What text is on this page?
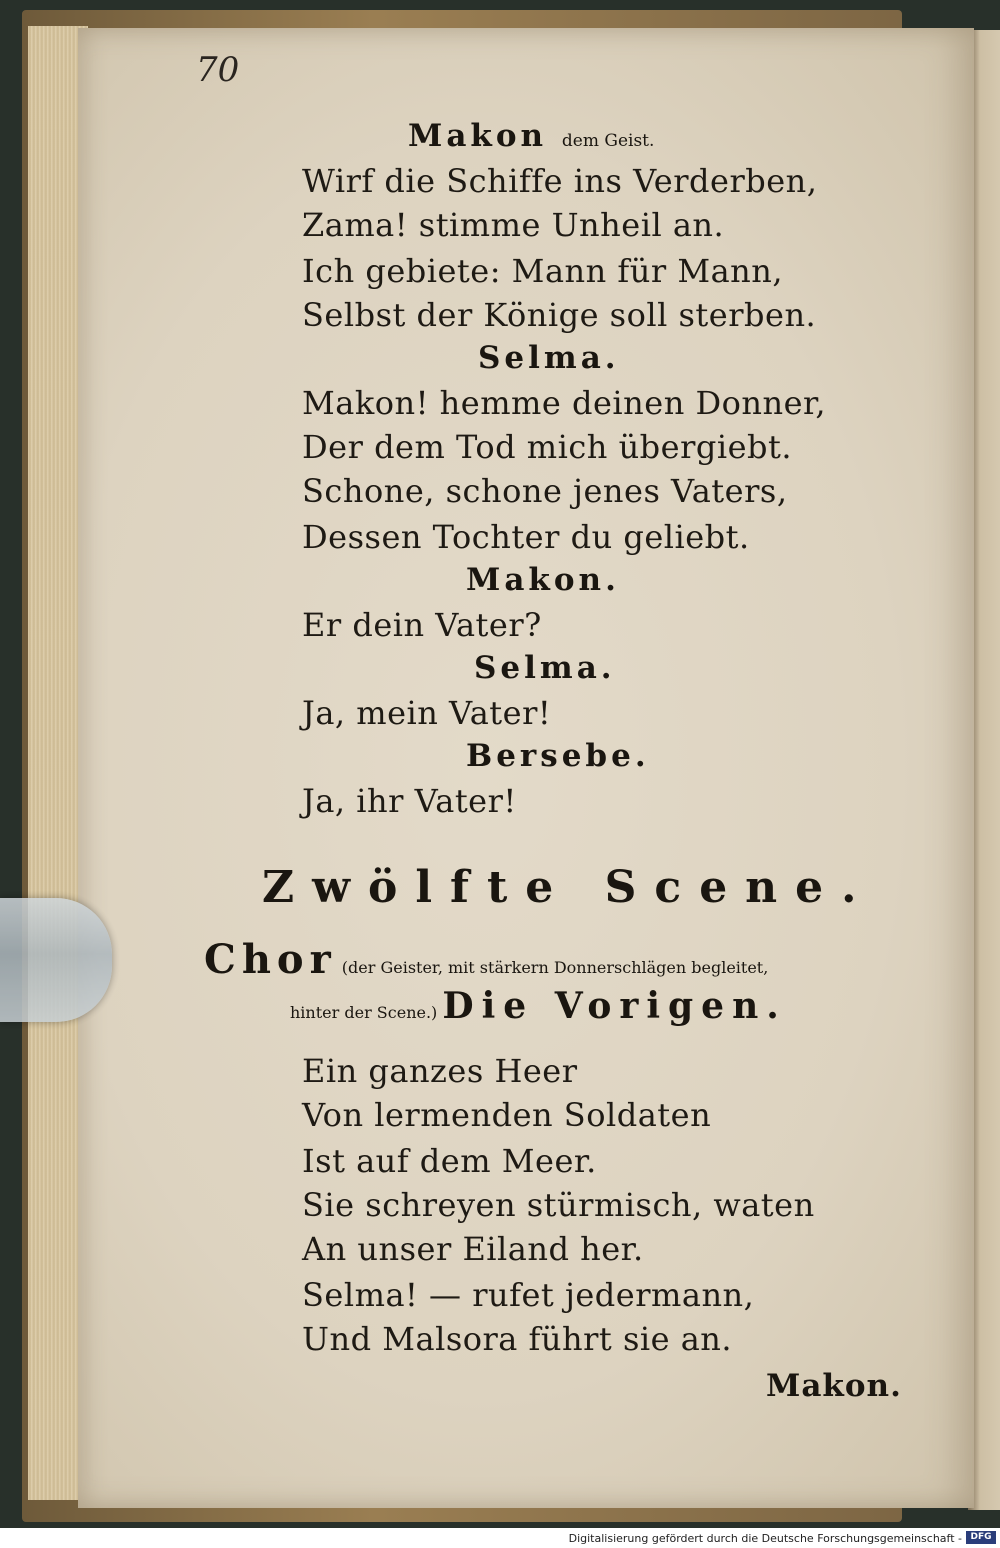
70
Makon dem Geist.
Wirf die Schiffe ins Verderben,
Zama! stimme Unheil an.
Ich gebiete: Mann für Mann,
Selbst der Könige soll sterben.
Selma.
Makon! hemme deinen Donner,
Der dem Tod mich übergiebt.
Schone, schone jenes Vaters,
Dessen Tochter du geliebt.
Makon.
Er dein Vater?
Selma.
Ja, mein Vater!
Bersebe.
Ja, ihr Vater!
Zwölfte Scene.
Chor (der Geister, mit stärkern Donnerschlägen begleitet,
hinter der Scene.) Die Vorigen.
Ein ganzes Heer
Von lermenden Soldaten
Ist auf dem Meer.
Sie schreyen stürmisch, waten
An unser Eiland her.
Selma! — rufet jedermann,
Und Malsora führt sie an.
Makon.
Digitalisierung gefördert durch die Deutsche Forschungsgemeinschaft - DFG
